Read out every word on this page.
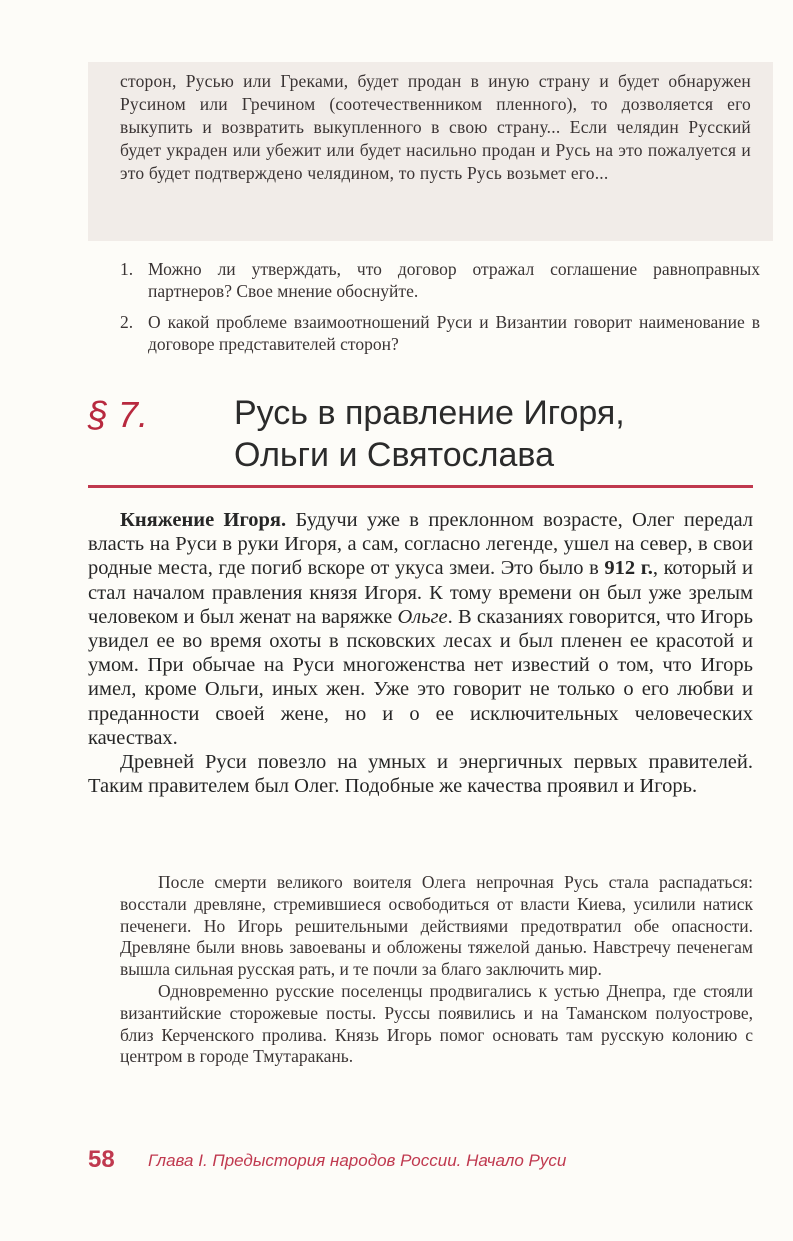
сторон, Русью или Греками, будет продан в иную страну и будет обнаружен Русином или Гречином (соотечественником пленного), то дозволяется его выкупить и возвратить выкупленного в свою страну... Если челядин Русский будет украден или убежит или будет насильно продан и Русь на это пожалуется и это будет подтверждено челядином, то пусть Русь возьмет его...

1. Можно ли утверждать, что договор отражал соглашение равноправных партнеров? Свое мнение обоснуйте.
2. О какой проблеме взаимоотношений Руси и Византии говорит наименование в договоре представителей сторон?
§ 7.	Русь в правление Игоря,
Ольги и Святослава

Княжение Игоря. Будучи уже в преклонном возрасте, Олег передал власть на Руси в руки Игоря, а сам, согласно легенде, ушел на север, в свои родные места, где погиб вскоре от укуса змеи. Это было в 912 г., который и стал началом правления князя Игоря. К тому времени он был уже зрелым человеком и был женат на варяжке Ольге. В сказаниях говорится, что Игорь увидел ее во время охоты в псковских лесах и был пленен ее красотой и умом. При обычае на Руси многоженства нет известий о том, что Игорь имел, кроме Ольги, иных жен. Уже это говорит не только о его любви и преданности своей жене, но и о ее исключительных человеческих качествах.

Древней Руси повезло на умных и энергичных первых правителей. Таким правителем был Олег. Подобные же качества проявил и Игорь.

После смерти великого воителя Олега непрочная Русь стала распадаться: восстали древляне, стремившиеся освободиться от власти Киева, усилили натиск печенеги. Но Игорь решительными действиями предотвратил обе опасности. Древляне были вновь завоеваны и обложены тяжелой данью. Навстречу печенегам вышла сильная русская рать, и те почли за благо заключить мир.

Одновременно русские поселенцы продвигались к устью Днепра, где стояли византийские сторожевые посты. Руссы появились и на Таманском полуострове, близ Керченского пролива. Князь Игорь помог основать там русскую колонию с центром в городе Тмутаракань.

58 Глава I. Предыстория народов России. Начало Руси
